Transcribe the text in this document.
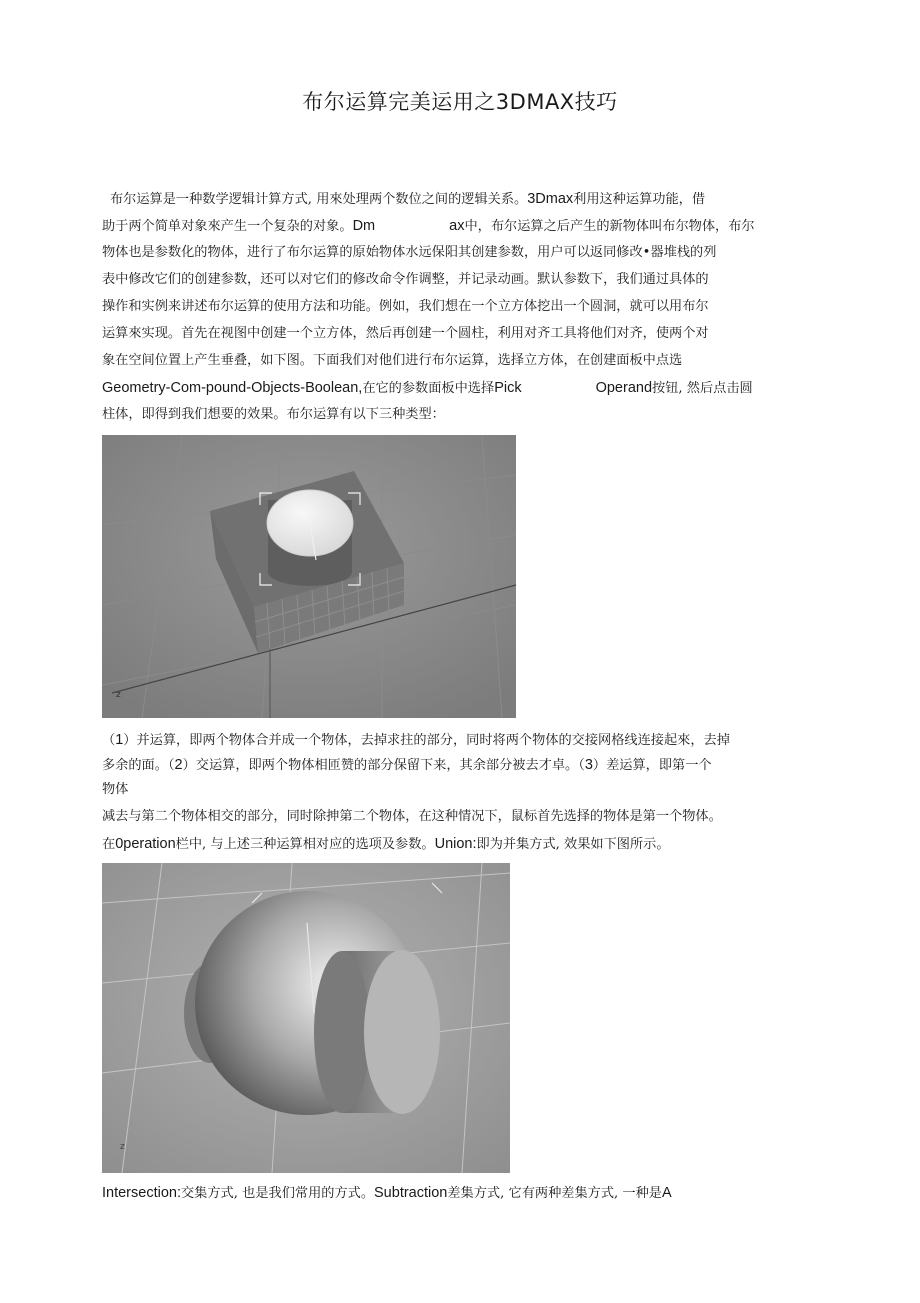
布尔运算完美运用之3DMAX技巧
布尔运算是一种数学逻辑计算方式, 用來处理两个数位之间的逻辑关系。3Dmax利用这种运算功能，借
助于两个简单对象來产生一个复杂的对象。Dm	ax中，布尔运算之后产生的新物体叫布尔物体，布尔
物体也是参数化的物体，进行了布尔运算的原始物体水远保阳其创建参数，用户可以返同修改•器堆栈的列
表中修改它们的创建参数，还可以对它们的修改命令作调整，并记录动画。默认参数下，我们通过具体的
操作和实例来讲述布尔运算的使用方法和功能。例如，我们想在一个立方体挖出一个圆洞，就可以用布尔
运算來实现。首先在视图中创建一个立方体，然后再创建一个圆柱，利用对齐工具将他们对齐，使两个对
象在空间位置上产生垂叠，如下图。下面我们对他们进行布尔运算，选择立方体，在创建面板中点选
Geometry-Com-pound-Objects-Boolean,在它的参数面板中选择Pick	Operand按钮, 然后点击圆
柱体，即得到我们想要的效果。布尔运算有以下三种类型：
z
（1）并运算，即两个物体合并成一个物体，去掉求拄的部分，同时将两个物体的交接网格线连接起來，去掉
多余的面。（2）交运算，即两个物体相匝赞的部分保留下来，其余部分被去才卓。（3）差运算，即第一个
物体
减去与第二个物体相交的部分，同时除抻第二个物体，在这种情况下，鼠标首先选择的物体是第一个物体。
在0peration栏中, 与上述三种运算相对应的选项及参数。Union:即为并集方式, 效果如下图所示。
z
Intersection:交集方式, 也是我们常用的方式。Subtraction差集方式, 它有两种差集方式, 一种是A
